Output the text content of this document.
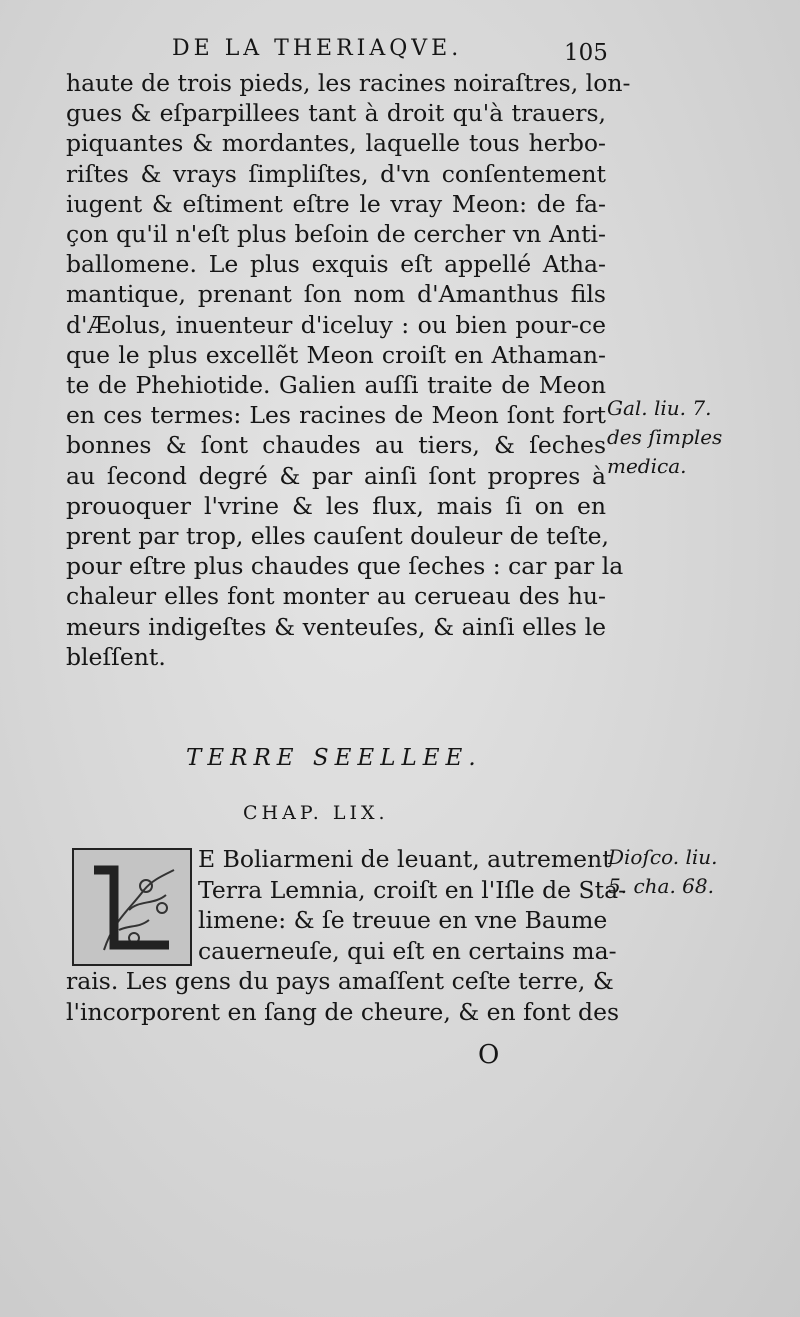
DE LA THERIAQVE.	105
haute de trois pieds, les racines noiraſtres, lon-
gues & eſparpillees tant à droit qu'à trauers,
piquantes & mordantes, laquelle tous herbo-
riſtes & vrays ſimpliſtes, d'vn conſentement
iugent & eſtiment eſtre le vray Meon: de fa-
çon qu'il n'eſt plus beſoin de cercher vn Anti-
ballomene. Le plus exquis eſt appellé Atha-
mantique, prenant ſon nom d'Amanthus fils
d'Æolus, inuenteur d'iceluy : ou bien pour-ce
que le plus excellẽt Meon croiſt en Athaman-
te de Phehiotide. Galien auſſi traite de Meon
en ces termes: Les racines de Meon ſont fort
bonnes & ſont chaudes au tiers, & ſeches
au ſecond degré & par ainſi ſont propres à
prouoquer l'vrine & les flux, mais ſi on en
prent par trop, elles cauſent douleur de teſte,
pour eſtre plus chaudes que ſeches : car par la
chaleur elles font monter au cerueau des hu-
meurs indigeſtes & venteuſes, & ainſi elles le
bleſſent.
Gal. liu. 7.
des ſimples
medica.
TERRE SEELLEE.
CHAP. LIX.
E Boliarmeni de leuant, autrement
Terra Lemnia, croiſt en l'Iſle de Sta-
limene: & ſe treuue en vne Baume
cauerneuſe, qui eſt en certains ma-
rais. Les gens du pays amaſſent ceſte terre, &
l'incorporent en ſang de cheure, & en font des
Dioſco. liu.
5. cha. 68.
O
